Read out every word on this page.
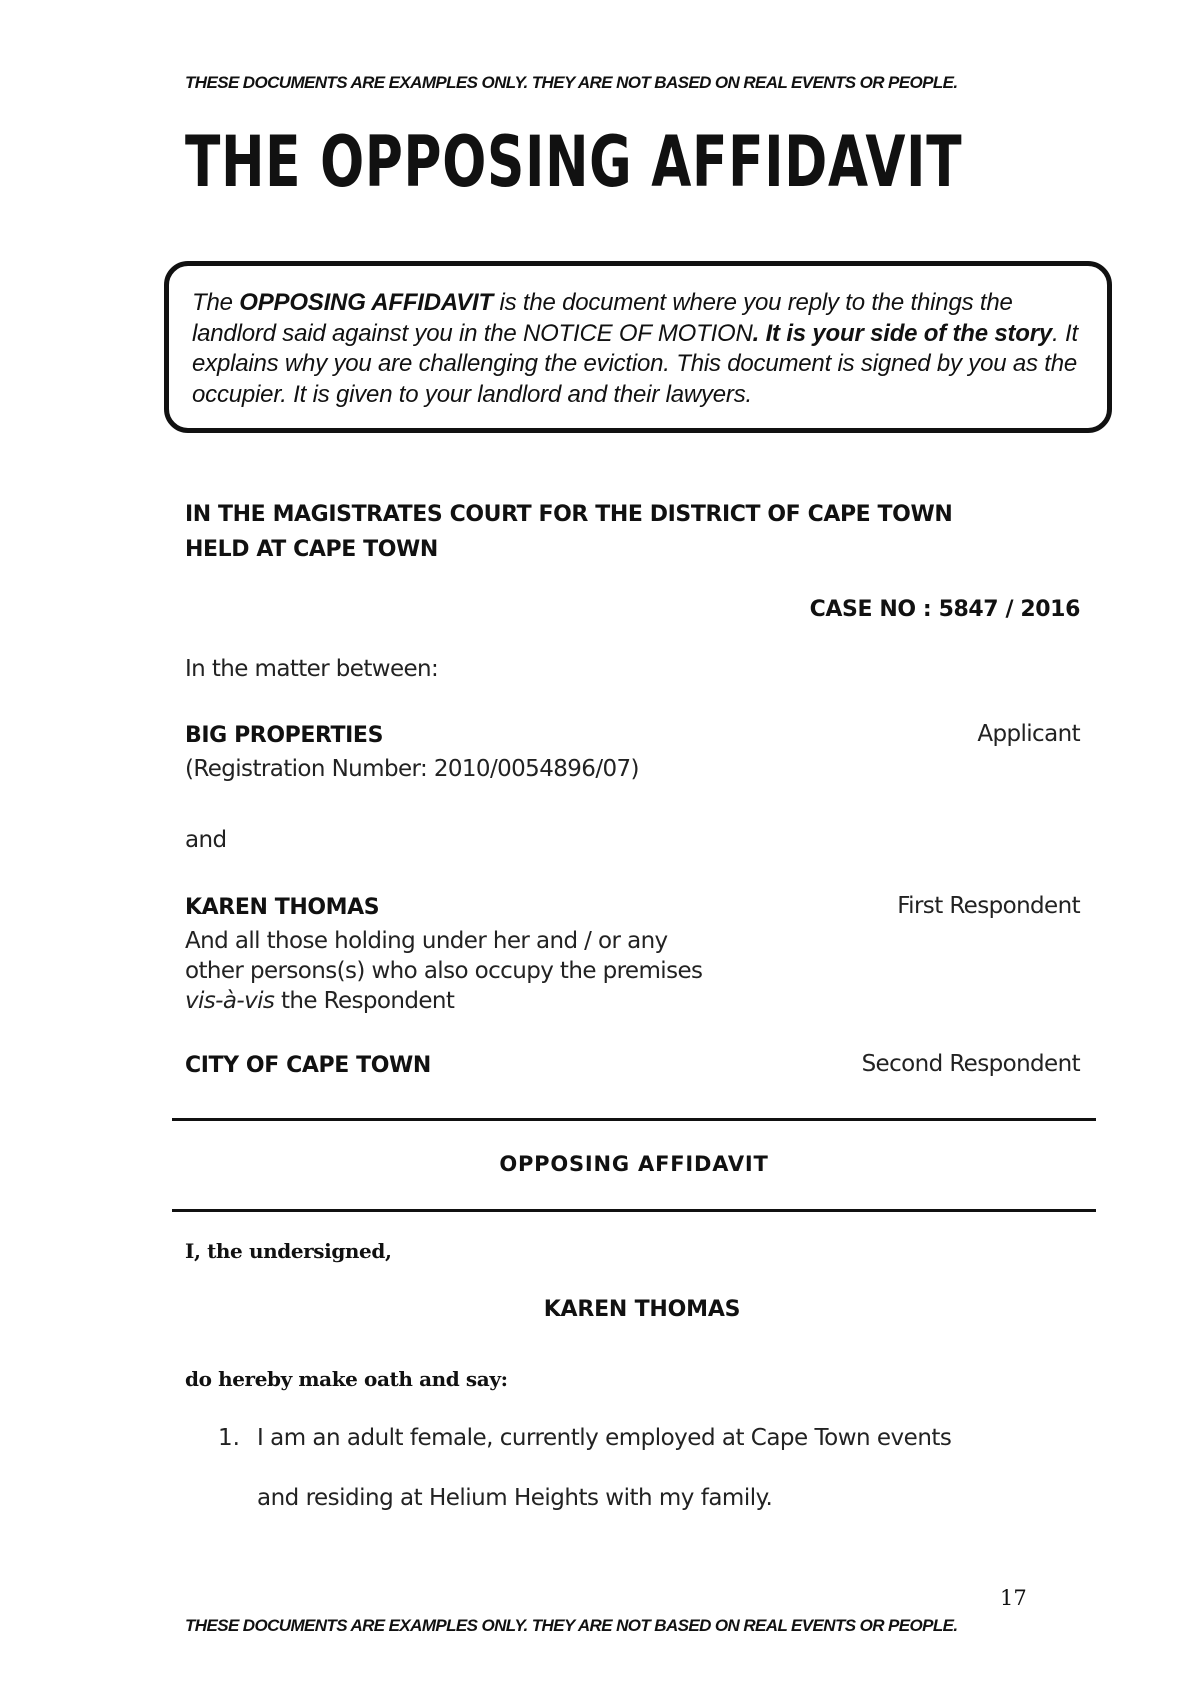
THESE DOCUMENTS ARE EXAMPLES ONLY. THEY ARE NOT BASED ON REAL EVENTS OR PEOPLE.

THE OPPOSING AFFIDAVIT

The OPPOSING AFFIDAVIT is the document where you reply to the things the landlord said against you in the NOTICE OF MOTION. It is your side of the story. It explains why you are challenging the eviction. This document is signed by you as the occupier. It is given to your landlord and their lawyers.

IN THE MAGISTRATES COURT FOR THE DISTRICT OF CAPE TOWN

HELD AT CAPE TOWN

CASE NO : 5847 / 2016

In the matter between:

BIG PROPERTIES	Applicant

(Registration Number: 2010/0054896/07)

and

KAREN THOMAS	First Respondent

And all those holding under her and / or any

other persons(s) who also occupy the premises

vis-à-vis the Respondent

CITY OF CAPE TOWN	Second Respondent

OPPOSING AFFIDAVIT

I, the undersigned,

KAREN THOMAS

do hereby make oath and say:

1. I am an adult female, currently employed at Cape Town events

and residing at Helium Heights with my family.

17

THESE DOCUMENTS ARE EXAMPLES ONLY. THEY ARE NOT BASED ON REAL EVENTS OR PEOPLE.
